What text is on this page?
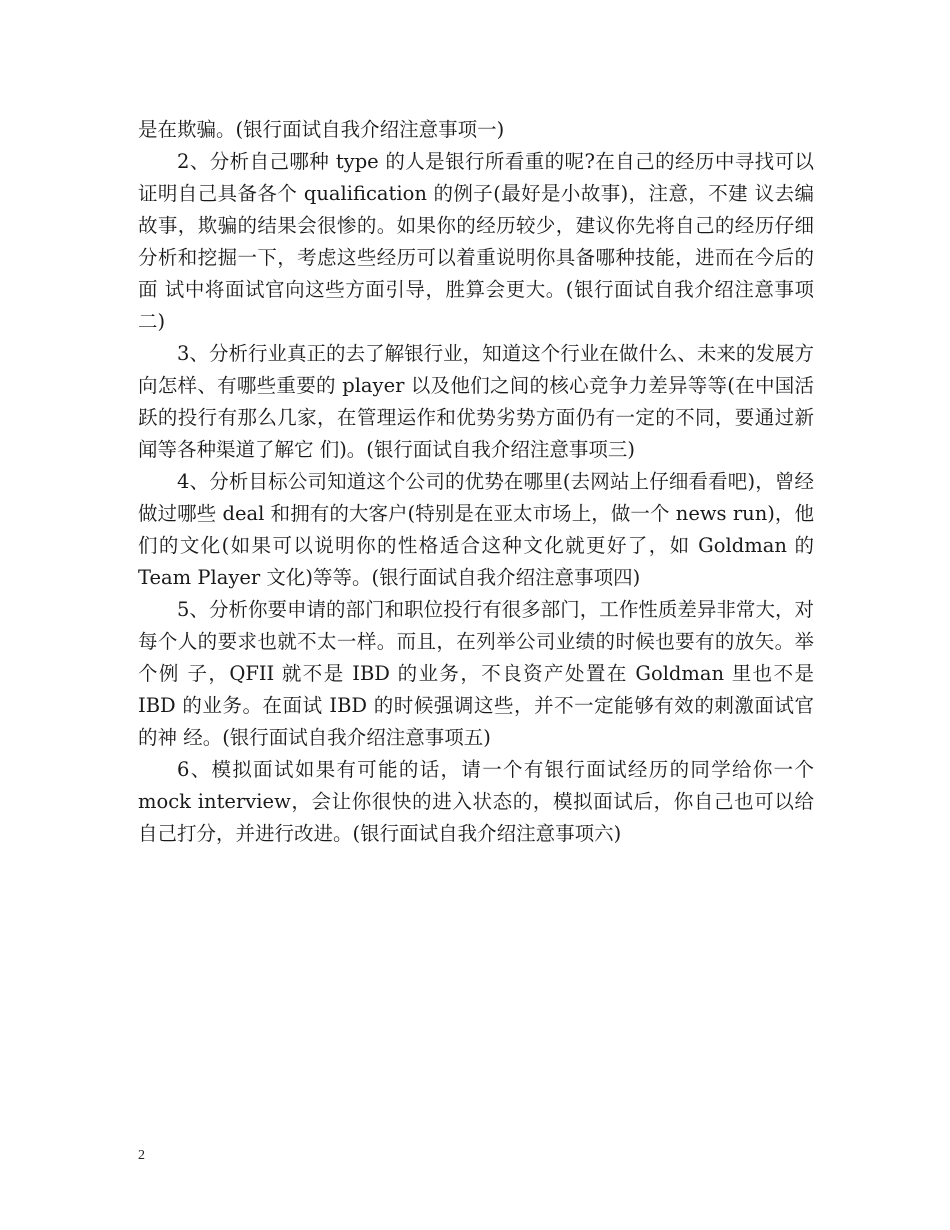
是在欺骗。(银行面试自我介绍注意事项一)

2、分析自己哪种 type 的人是银行所看重的呢?在自己的经历中寻找可以证明自己具备各个 qualification 的例子(最好是小故事)，注意，不建 议去编故事，欺骗的结果会很惨的。如果你的经历较少，建议你先将自己的经历仔细分析和挖掘一下，考虑这些经历可以着重说明你具备哪种技能，进而在今后的面 试中将面试官向这些方面引导，胜算会更大。(银行面试自我介绍注意事项二)

3、分析行业真正的去了解银行业，知道这个行业在做什么、未来的发展方向怎样、有哪些重要的 player 以及他们之间的核心竞争力差异等等(在中国活跃的投行有那么几家，在管理运作和优势劣势方面仍有一定的不同，要通过新闻等各种渠道了解它 们)。(银行面试自我介绍注意事项三)

4、分析目标公司知道这个公司的优势在哪里(去网站上仔细看看吧)，曾经做过哪些 deal 和拥有的大客户(特别是在亚太市场上，做一个 news run)，他们的文化(如果可以说明你的性格适合这种文化就更好了，如 Goldman 的 Team Player 文化)等等。(银行面试自我介绍注意事项四)

5、分析你要申请的部门和职位投行有很多部门，工作性质差异非常大，对每个人的要求也就不太一样。而且，在列举公司业绩的时候也要有的放矢。举个例 子，QFII 就不是 IBD 的业务，不良资产处置在 Goldman 里也不是 IBD 的业务。在面试 IBD 的时候强调这些，并不一定能够有效的刺激面试官的神 经。(银行面试自我介绍注意事项五)

6、模拟面试如果有可能的话，请一个有银行面试经历的同学给你一个 mock interview，会让你很快的进入状态的，模拟面试后，你自己也可以给自己打分，并进行改进。(银行面试自我介绍注意事项六)

2
